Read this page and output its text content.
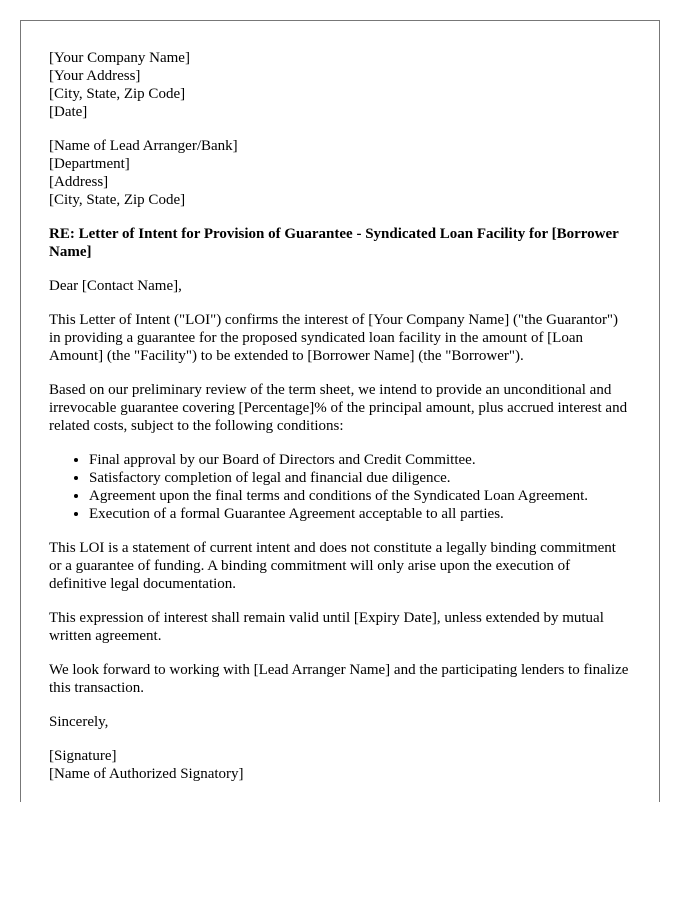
[Your Company Name]
[Your Address]
[City, State, Zip Code]
[Date]
[Name of Lead Arranger/Bank]
[Department]
[Address]
[City, State, Zip Code]
RE: Letter of Intent for Provision of Guarantee - Syndicated Loan Facility for [Borrower Name]

Dear [Contact Name],

This Letter of Intent ("LOI") confirms the interest of [Your Company Name] ("the Guarantor") in providing a guarantee for the proposed syndicated loan facility in the amount of [Loan Amount] (the "Facility") to be extended to [Borrower Name] (the "Borrower").

Based on our preliminary review of the term sheet, we intend to provide an unconditional and irrevocable guarantee covering [Percentage]% of the principal amount, plus accrued interest and related costs, subject to the following conditions:

• Final approval by our Board of Directors and Credit Committee.
• Satisfactory completion of legal and financial due diligence.
• Agreement upon the final terms and conditions of the Syndicated Loan Agreement.
• Execution of a formal Guarantee Agreement acceptable to all parties.

This LOI is a statement of current intent and does not constitute a legally binding commitment or a guarantee of funding. A binding commitment will only arise upon the execution of definitive legal documentation.

This expression of interest shall remain valid until [Expiry Date], unless extended by mutual written agreement.

We look forward to working with [Lead Arranger Name] and the participating lenders to finalize this transaction.

Sincerely,

[Signature]
[Name of Authorized Signatory]
